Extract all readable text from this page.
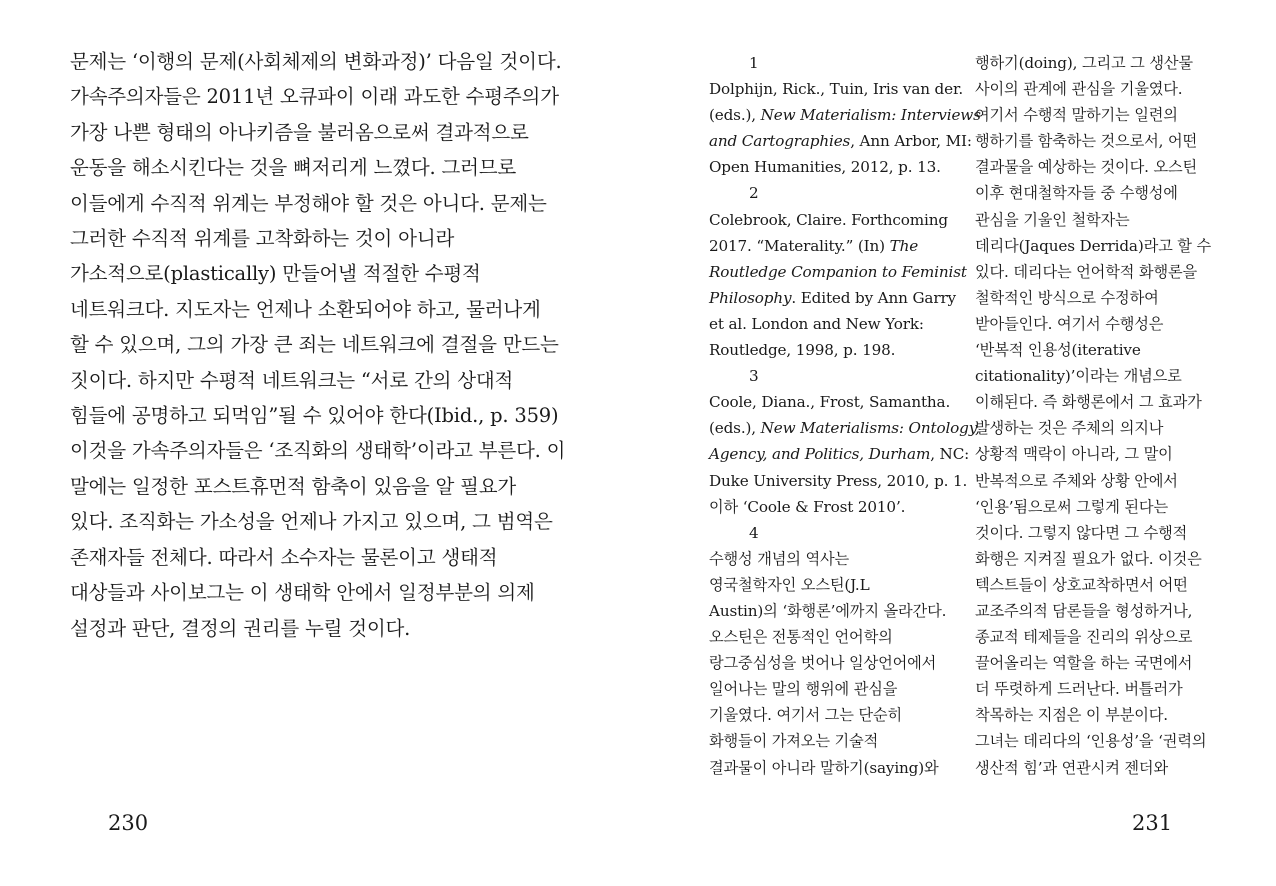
문제는 ‘이행의 문제(사회체제의 변화과정)’ 다음일 것이다.
가속주의자들은 2011년 오큐파이 이래 과도한 수평주의가
가장 나쁜 형태의 아나키즘을 불러옴으로써 결과적으로
운동을 해소시킨다는 것을 뼈저리게 느꼈다. 그러므로
이들에게 수직적 위계는 부정해야 할 것은 아니다. 문제는
그러한 수직적 위계를 고착화하는 것이 아니라
가소적으로(plastically) 만들어낼 적절한 수평적
네트워크다. 지도자는 언제나 소환되어야 하고, 물러나게
할 수 있으며, 그의 가장 큰 죄는 네트워크에 결절을 만드는
짓이다. 하지만 수평적 네트워크는 “서로 간의 상대적
힘들에 공명하고 되먹임”될 수 있어야 한다(Ibid., p. 359)
이것을 가속주의자들은 ‘조직화의 생태학’이라고 부른다. 이
말에는 일정한 포스트휴먼적 함축이 있음을 알 필요가
있다. 조직화는 가소성을 언제나 가지고 있으며, 그 범역은
존재자들 전체다. 따라서 소수자는 물론이고 생태적
대상들과 사이보그는 이 생태학 안에서 일정부분의 의제
설정과 판단, 결정의 권리를 누릴 것이다.
230
1
Dolphijn, Rick., Tuin, Iris van der.
(eds.), New Materialism: Interviews
and Cartographies, Ann Arbor, MI:
Open Humanities, 2012, p. 13.
2
Colebrook, Claire. Forthcoming
2017. “Materality.” (In) The
Routledge Companion to Feminist
Philosophy. Edited by Ann Garry
et al. London and New York:
Routledge, 1998, p. 198.
3
Coole, Diana., Frost, Samantha.
(eds.), New Materialisms: Ontology,
Agency, and Politics, Durham, NC:
Duke University Press, 2010, p. 1.
이하 ‘Coole & Frost 2010’.
4
수행성 개념의 역사는
영국철학자인 오스틴(J.L
Austin)의 ‘화행론’에까지 올라간다.
오스틴은 전통적인 언어학의
랑그중심성을 벗어나 일상언어에서
일어나는 말의 행위에 관심을
기울였다. 여기서 그는 단순히
화행들이 가져오는 기술적
결과물이 아니라 말하기(saying)와
행하기(doing), 그리고 그 생산물
사이의 관계에 관심을 기울였다.
여기서 수행적 말하기는 일련의
행하기를 함축하는 것으로서, 어떤
결과물을 예상하는 것이다. 오스틴
이후 현대철학자들 중 수행성에
관심을 기울인 철학자는
데리다(Jaques Derrida)라고 할 수
있다. 데리다는 언어학적 화행론을
철학적인 방식으로 수정하여
받아들인다. 여기서 수행성은
‘반복적 인용성(iterative
citationality)’이라는 개념으로
이해된다. 즉 화행론에서 그 효과가
발생하는 것은 주체의 의지나
상황적 맥락이 아니라, 그 말이
반복적으로 주체와 상황 안에서
‘인용’됨으로써 그렇게 된다는
것이다. 그렇지 않다면 그 수행적
화행은 지켜질 필요가 없다. 이것은
텍스트들이 상호교착하면서 어떤
교조주의적 담론들을 형성하거나,
종교적 테제들을 진리의 위상으로
끌어올리는 역할을 하는 국면에서
더 뚜렷하게 드러난다. 버틀러가
착목하는 지점은 이 부분이다.
그녀는 데리다의 ‘인용성’을 ‘권력의
생산적 힘’과 연관시켜 젠더와
231
